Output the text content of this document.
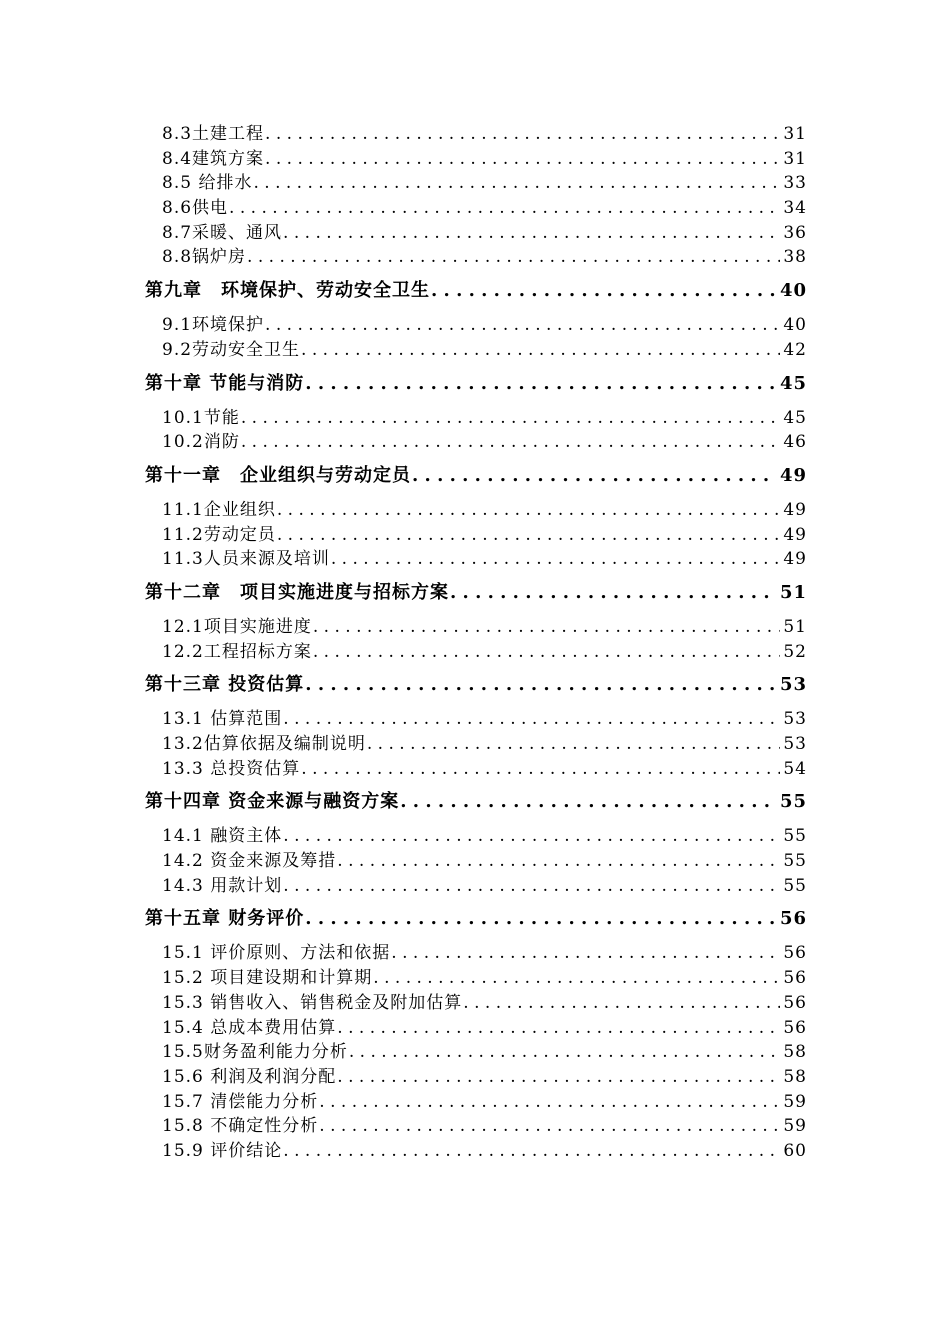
8.3土建工程 . . .	31
8.4建筑方案 . . .	31
8.5 给排水 . . .	33
8.6供电 . . .	34
8.7采暖、通风 . . .	36
8.8锅炉房 . . .	38
第九章　环境保护、劳动安全卫生 . . .	40
9.1环境保护 . . .	40
9.2劳动安全卫生 . . .	42
第十章 节能与消防 . . .	45
10.1节能 . . .	45
10.2消防 . . .	46
第十一章　企业组织与劳动定员 . . .	49
11.1企业组织 . . .	49
11.2劳动定员 . . .	49
11.3人员来源及培训 . . .	49
第十二章　项目实施进度与招标方案 . . .	51
12.1项目实施进度 . . .	51
12.2工程招标方案 . . .	52
第十三章 投资估算 . . .	53
13.1 估算范围 . . .	53
13.2估算依据及编制说明 . . .	53
13.3 总投资估算 . . .	54
第十四章 资金来源与融资方案 . . .	55
14.1 融资主体 . . .	55
14.2 资金来源及筹措 . . .	55
14.3 用款计划 . . .	55
第十五章 财务评价 . . .	56
15.1 评价原则、方法和依据 . . .	56
15.2 项目建设期和计算期 . . .	56
15.3 销售收入、销售税金及附加估算 . . .	56
15.4 总成本费用估算 . . .	56
15.5财务盈利能力分析 . . .	58
15.6 利润及利润分配 . . .	58
15.7 清偿能力分析 . . .	59
15.8 不确定性分析 . . .	59
15.9 评价结论 . . .	60
